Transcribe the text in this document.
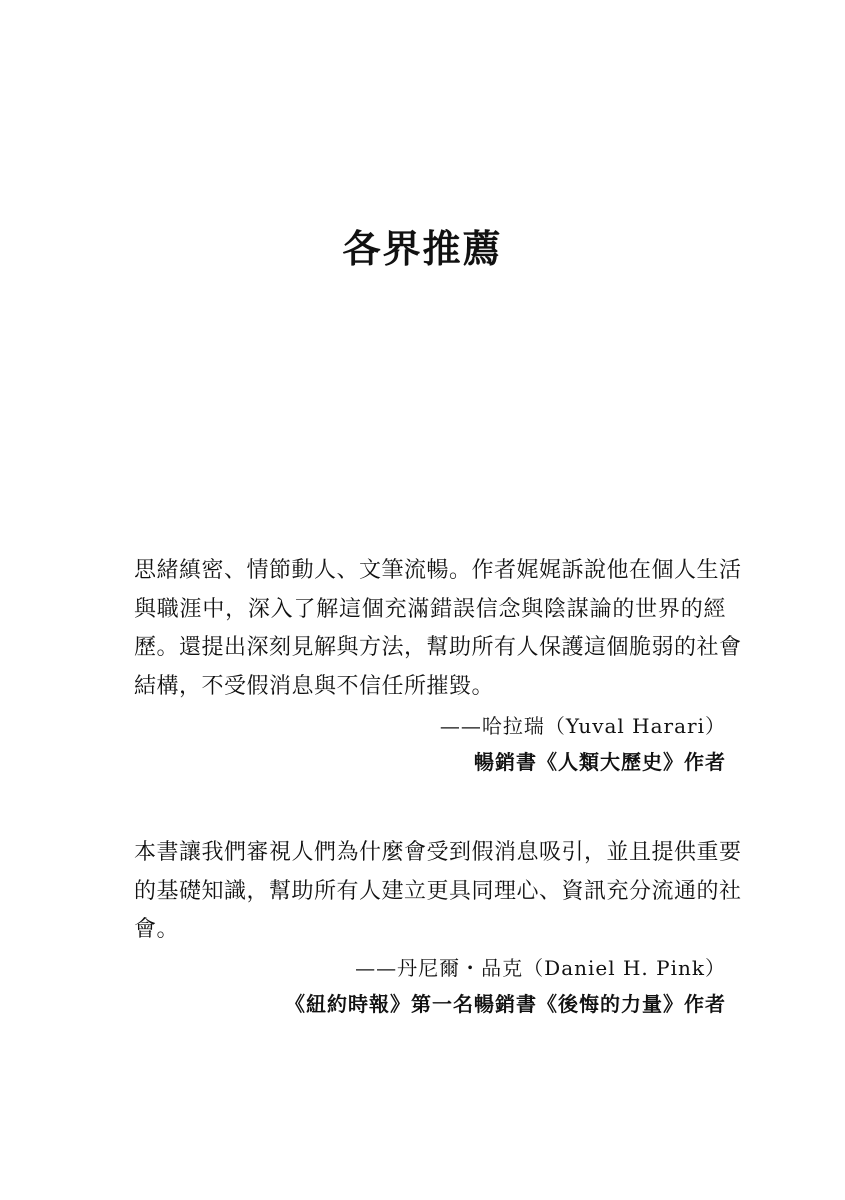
各界推薦
思緒縝密、情節動人、文筆流暢。作者娓娓訴說他在個人生活
與職涯中，深入了解這個充滿錯誤信念與陰謀論的世界的經
歷。還提出深刻見解與方法，幫助所有人保護這個脆弱的社會
結構，不受假消息與不信任所摧毀。
——哈拉瑞（Yuval Harari）
暢銷書《人類大歷史》作者
本書讓我們審視人們為什麼會受到假消息吸引，並且提供重要
的基礎知識，幫助所有人建立更具同理心、資訊充分流通的社
會。
——丹尼爾・品克（Daniel H. Pink）
《紐約時報》第一名暢銷書《後悔的力量》作者
